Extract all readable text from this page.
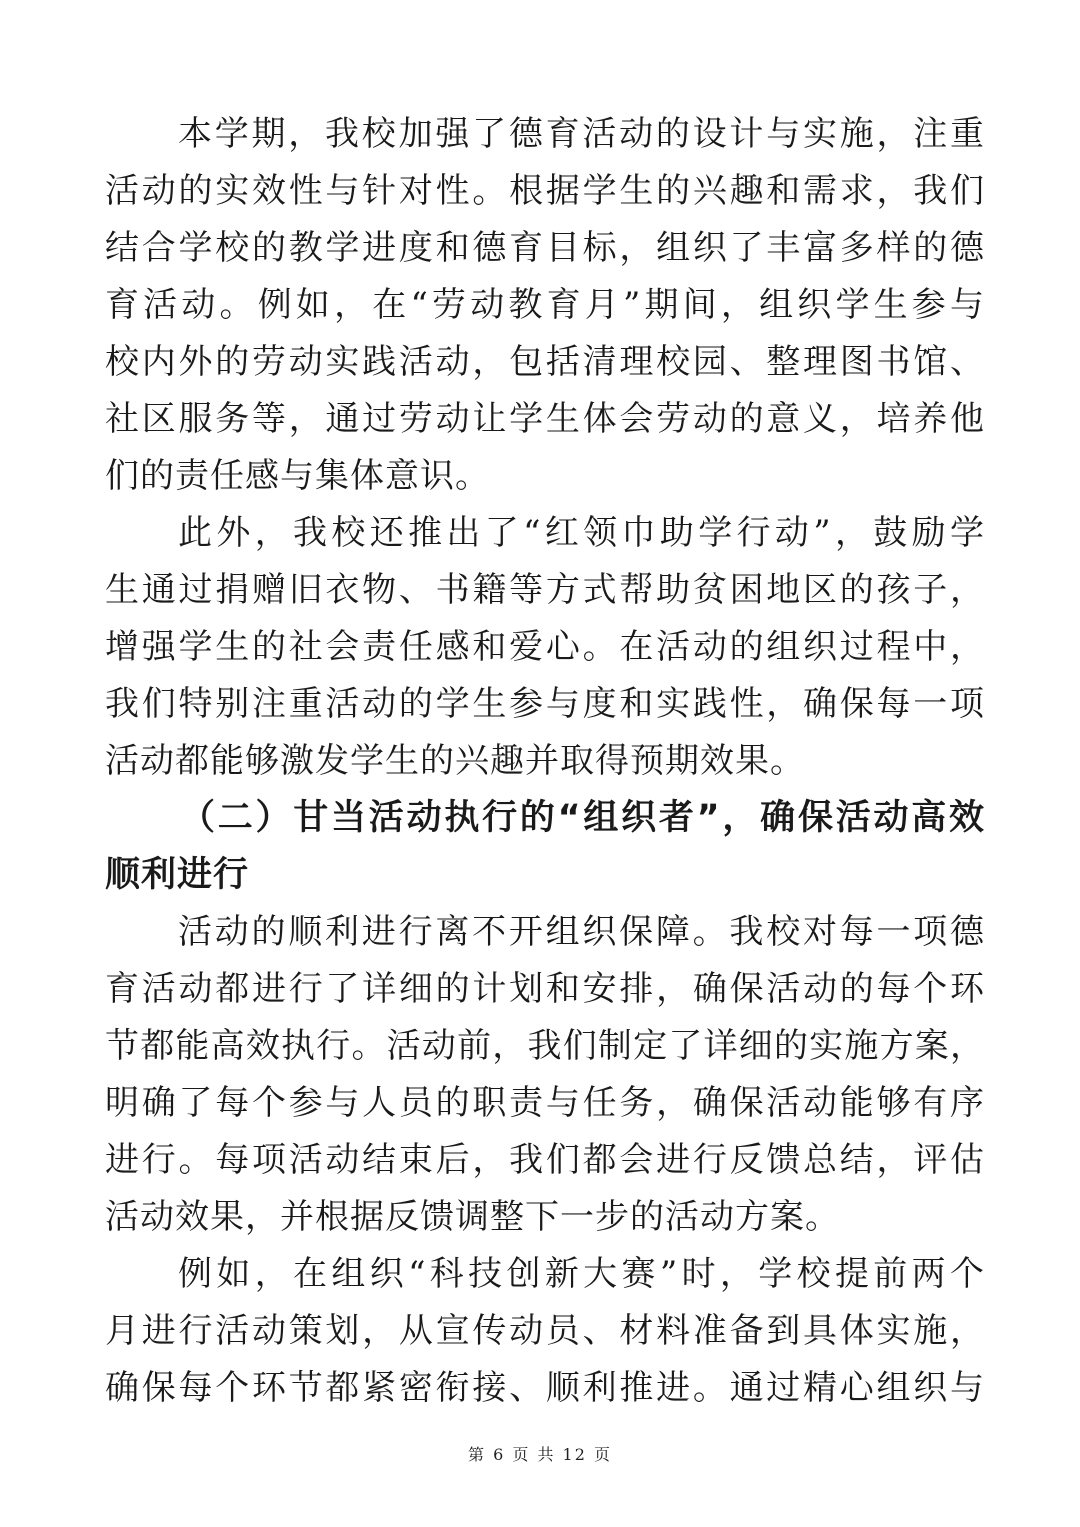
本学期，我校加强了德育活动的设计与实施，注重
活动的实效性与针对性。根据学生的兴趣和需求，我们
结合学校的教学进度和德育目标，组织了丰富多样的德
育活动。例如，在“劳动教育月”期间，组织学生参与
校内外的劳动实践活动，包括清理校园、整理图书馆、
社区服务等，通过劳动让学生体会劳动的意义，培养他
们的责任感与集体意识。
此外，我校还推出了“红领巾助学行动”，鼓励学
生通过捐赠旧衣物、书籍等方式帮助贫困地区的孩子，
增强学生的社会责任感和爱心。在活动的组织过程中，
我们特别注重活动的学生参与度和实践性，确保每一项
活动都能够激发学生的兴趣并取得预期效果。
（二）甘当活动执行的“组织者”，确保活动高效
顺利进行
活动的顺利进行离不开组织保障。我校对每一项德
育活动都进行了详细的计划和安排，确保活动的每个环
节都能高效执行。活动前，我们制定了详细的实施方案，
明确了每个参与人员的职责与任务，确保活动能够有序
进行。每项活动结束后，我们都会进行反馈总结，评估
活动效果，并根据反馈调整下一步的活动方案。
例如，在组织“科技创新大赛”时，学校提前两个
月进行活动策划，从宣传动员、材料准备到具体实施，
确保每个环节都紧密衔接、顺利推进。通过精心组织与
第 6 页 共 12 页
